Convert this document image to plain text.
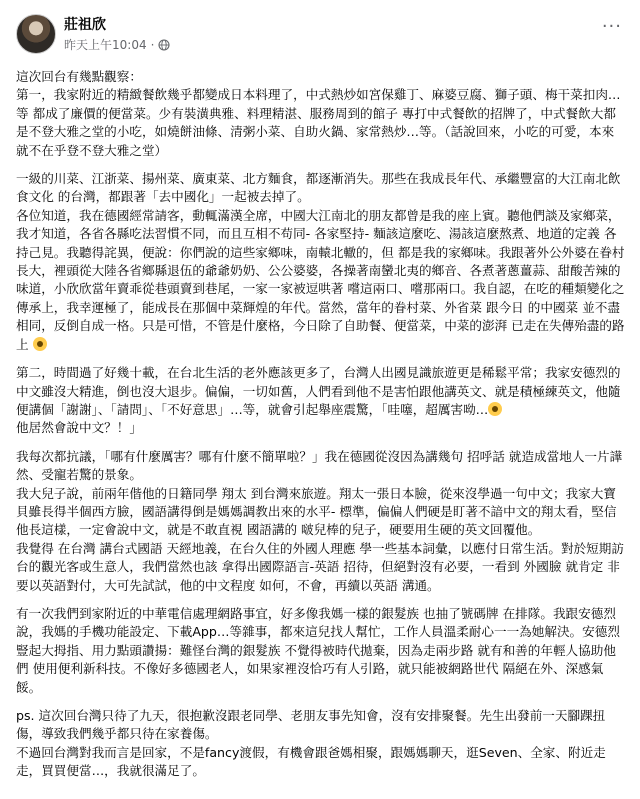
莊祖欣
昨天上午10:04 ·
···

這次回台有幾點觀察：
第一，我家附近的精緻餐飲幾乎都變成日本料理了，中式熱炒如宮保雞丁、麻婆豆腐、獅子頭、梅干菜扣肉…等 都成了廉價的便當菜。少有裝潢典雅、料理精湛、服務周到的館子 專打中式餐飲的招牌了，中式餐飲大都是不登大雅之堂的小吃，如燒餅油條、清粥小菜、自助火鍋、家常熱炒…等。（話說回來，小吃的可愛，本來就不在乎登不登大雅之堂）

一級的川菜、江浙菜、揚州菜、廣東菜、北方麵食，都逐漸消失。那些在我成長年代、承繼豐富的大江南北飲食文化 的台灣，都跟著「去中國化」一起被去掉了。
各位知道，我在德國經常請客，動輒滿漢全席，中國大江南北的朋友都曾是我的座上賓。聽他們談及家鄉菜，我才知道，各省各縣吃法習慣不同，而且互相不苟同- 各家堅持- 麵該這麼吃、湯該這麼熬煮、地道的定義 各持己見。我聽得詫異，便說：你們說的這些家鄉味，南轅北轍的，但 都是我的家鄉味。我跟著外公外婆在眷村長大，裡頭從大陸各省鄉縣退伍的爺爺奶奶、公公婆婆，各操著南蠻北夷的鄉音、各煮著蔥薑蒜、甜酸苦辣的味道，小欣欣當年賣乖從巷頭賣到巷尾，一家一家被逗哄著 嚐這兩口、嚐那兩口。我自認，在吃的種類變化之傳承上，我幸運極了，能成長在那個中菜輝煌的年代。當然，當年的眷村菜、外省菜 跟今日 的中國菜 並不盡相同，反倒自成一格。只是可惜，不管是什麼格，今日除了自助餐、便當菜，中菜的澎湃 已走在失傳殆盡的路上

第二，時間過了好幾十載，在台北生活的老外應該更多了，台灣人出國見識旅遊更是稀鬆平常；我家安德烈的中文雖沒大精進，倒也沒大退步。偏偏，一切如舊，人們看到他不是害怕跟他講英文、就是積極練英文，他隨便講個「謝謝」、「請問」、「不好意思」…等，就會引起舉座震驚，「哇噻，超厲害呦…他居然會說中文？！」

我每次都抗議，「哪有什麼厲害？哪有什麼不簡單啦？」我在德國從沒因為講幾句 招呼話 就造成當地人一片譁然、受寵若驚的景象。
我大兒子說，前兩年偕他的日籍同學 翔太 到台灣來旅遊。翔太一張日本臉，從來沒學過一句中文；我家大寶貝雖長得半個西方臉，國語講得倒是媽媽調教出來的水平- 標準，偏偏人們硬是盯著不諳中文的翔太看，堅信 他長這樣，一定會說中文，就是不敢直視 國語講的 啵兒棒的兒子，硬要用生硬的英文回覆他。
我覺得 在台灣 講台式國語 天經地義，在台久住的外國人理應 學一些基本詞彙，以應付日常生活。對於短期訪台的觀光客或生意人，我們當然也該 拿得出國際語言-英語 招待，但絕對沒有必要，一看到 外國臉 就肯定 非要以英語對付，大可先試試，他的中文程度 如何，不會，再續以英語 溝通。

有一次我們到家附近的中華電信處理網路事宜，好多像我媽一樣的銀髮族 也抽了號碼牌 在排隊。我跟安德烈說，我媽的手機功能設定、下載App…等雜事，都來這兒找人幫忙，工作人員溫柔耐心一一為她解決。安德烈 豎起大拇指、用力點頭讚揚：難怪台灣的銀髮族 不覺得被時代拋棄，因為走兩步路 就有和善的年輕人協助他們 使用便利新科技。不像好多德國老人，如果家裡沒恰巧有人引路，就只能被網路世代 隔絕在外、深感氣餒。

ps. 這次回台灣只待了九天，很抱歉沒跟老同學、老朋友事先知會，沒有安排聚餐。先生出發前一天腳踝扭傷，導致我們幾乎都只待在家養傷。
不過回台灣對我而言是回家，不是fancy渡假，有機會跟爸媽相聚，跟媽媽聊天，逛Seven、全家、附近走走，買買便當…，我就很滿足了。
